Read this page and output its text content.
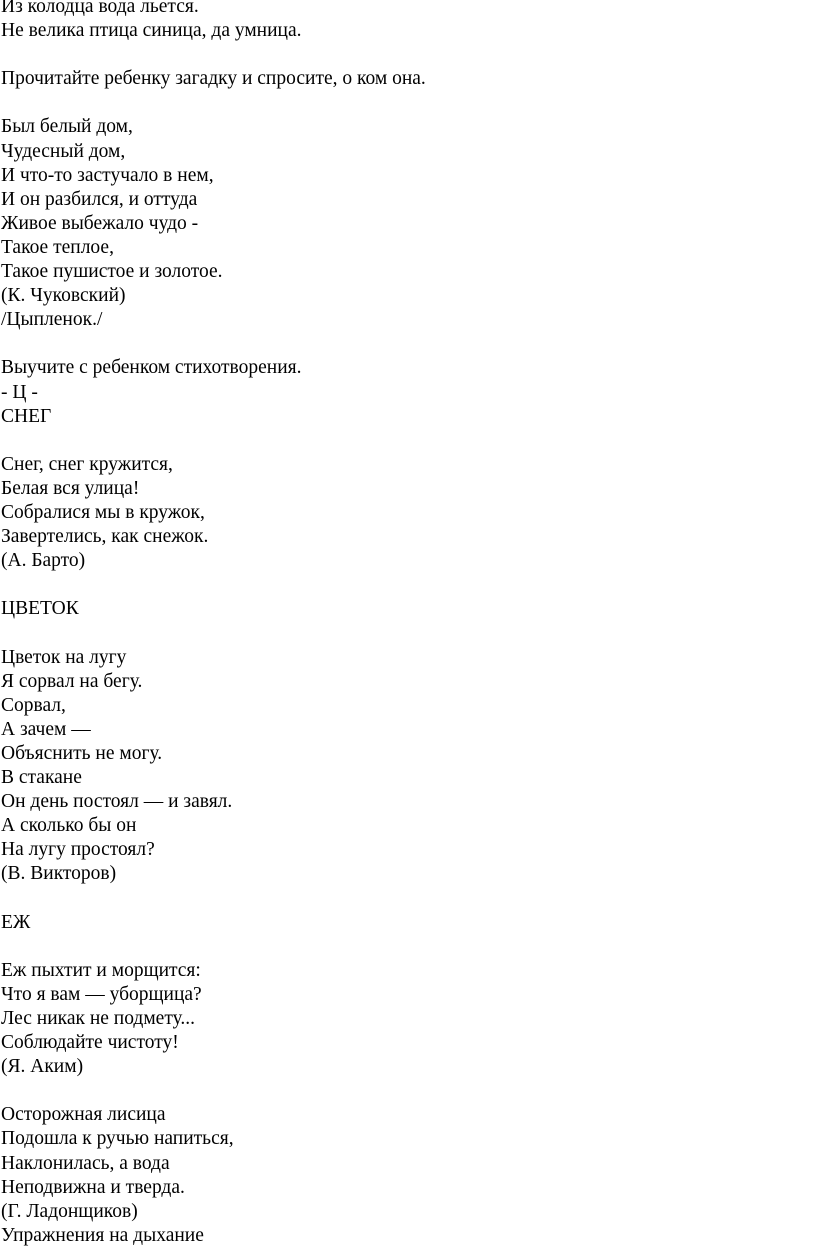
Из колодца вода льется.
Не велика птица синица, да умница.
Прочитайте ребенку загадку и спросите, о ком она.
Был белый дом,
Чудесный дом,
И что-то застучало в нем,
И он разбился, и оттуда
Живое выбежало чудо -
Такое теплое,
Такое пушистое и золотое.
(К. Чуковский)
/Цыпленок./
Выучите с ребенком стихотворения.
- Ц -
СНЕГ
Снег, снег кружится,
Белая вся улица!
Собралися мы в кружок,
Завертелись, как снежок.
(А. Барто)
ЦВЕТОК
Цветок на лугу
Я сорвал на бегу.
Сорвал,
А зачем —
Объяснить не могу.
В стакане
Он день постоял — и завял.
А сколько бы он
На лугу простоял?
(В. Викторов)
ЕЖ
Еж пыхтит и морщится:
Что я вам — уборщица?
Лес никак не подмету...
Соблюдайте чистоту!
(Я. Аким)
Осторожная лисица
Подошла к ручью напиться,
Наклонилась, а вода
Неподвижна и тверда.
(Г. Ладонщиков)
Упражнения на дыхание
